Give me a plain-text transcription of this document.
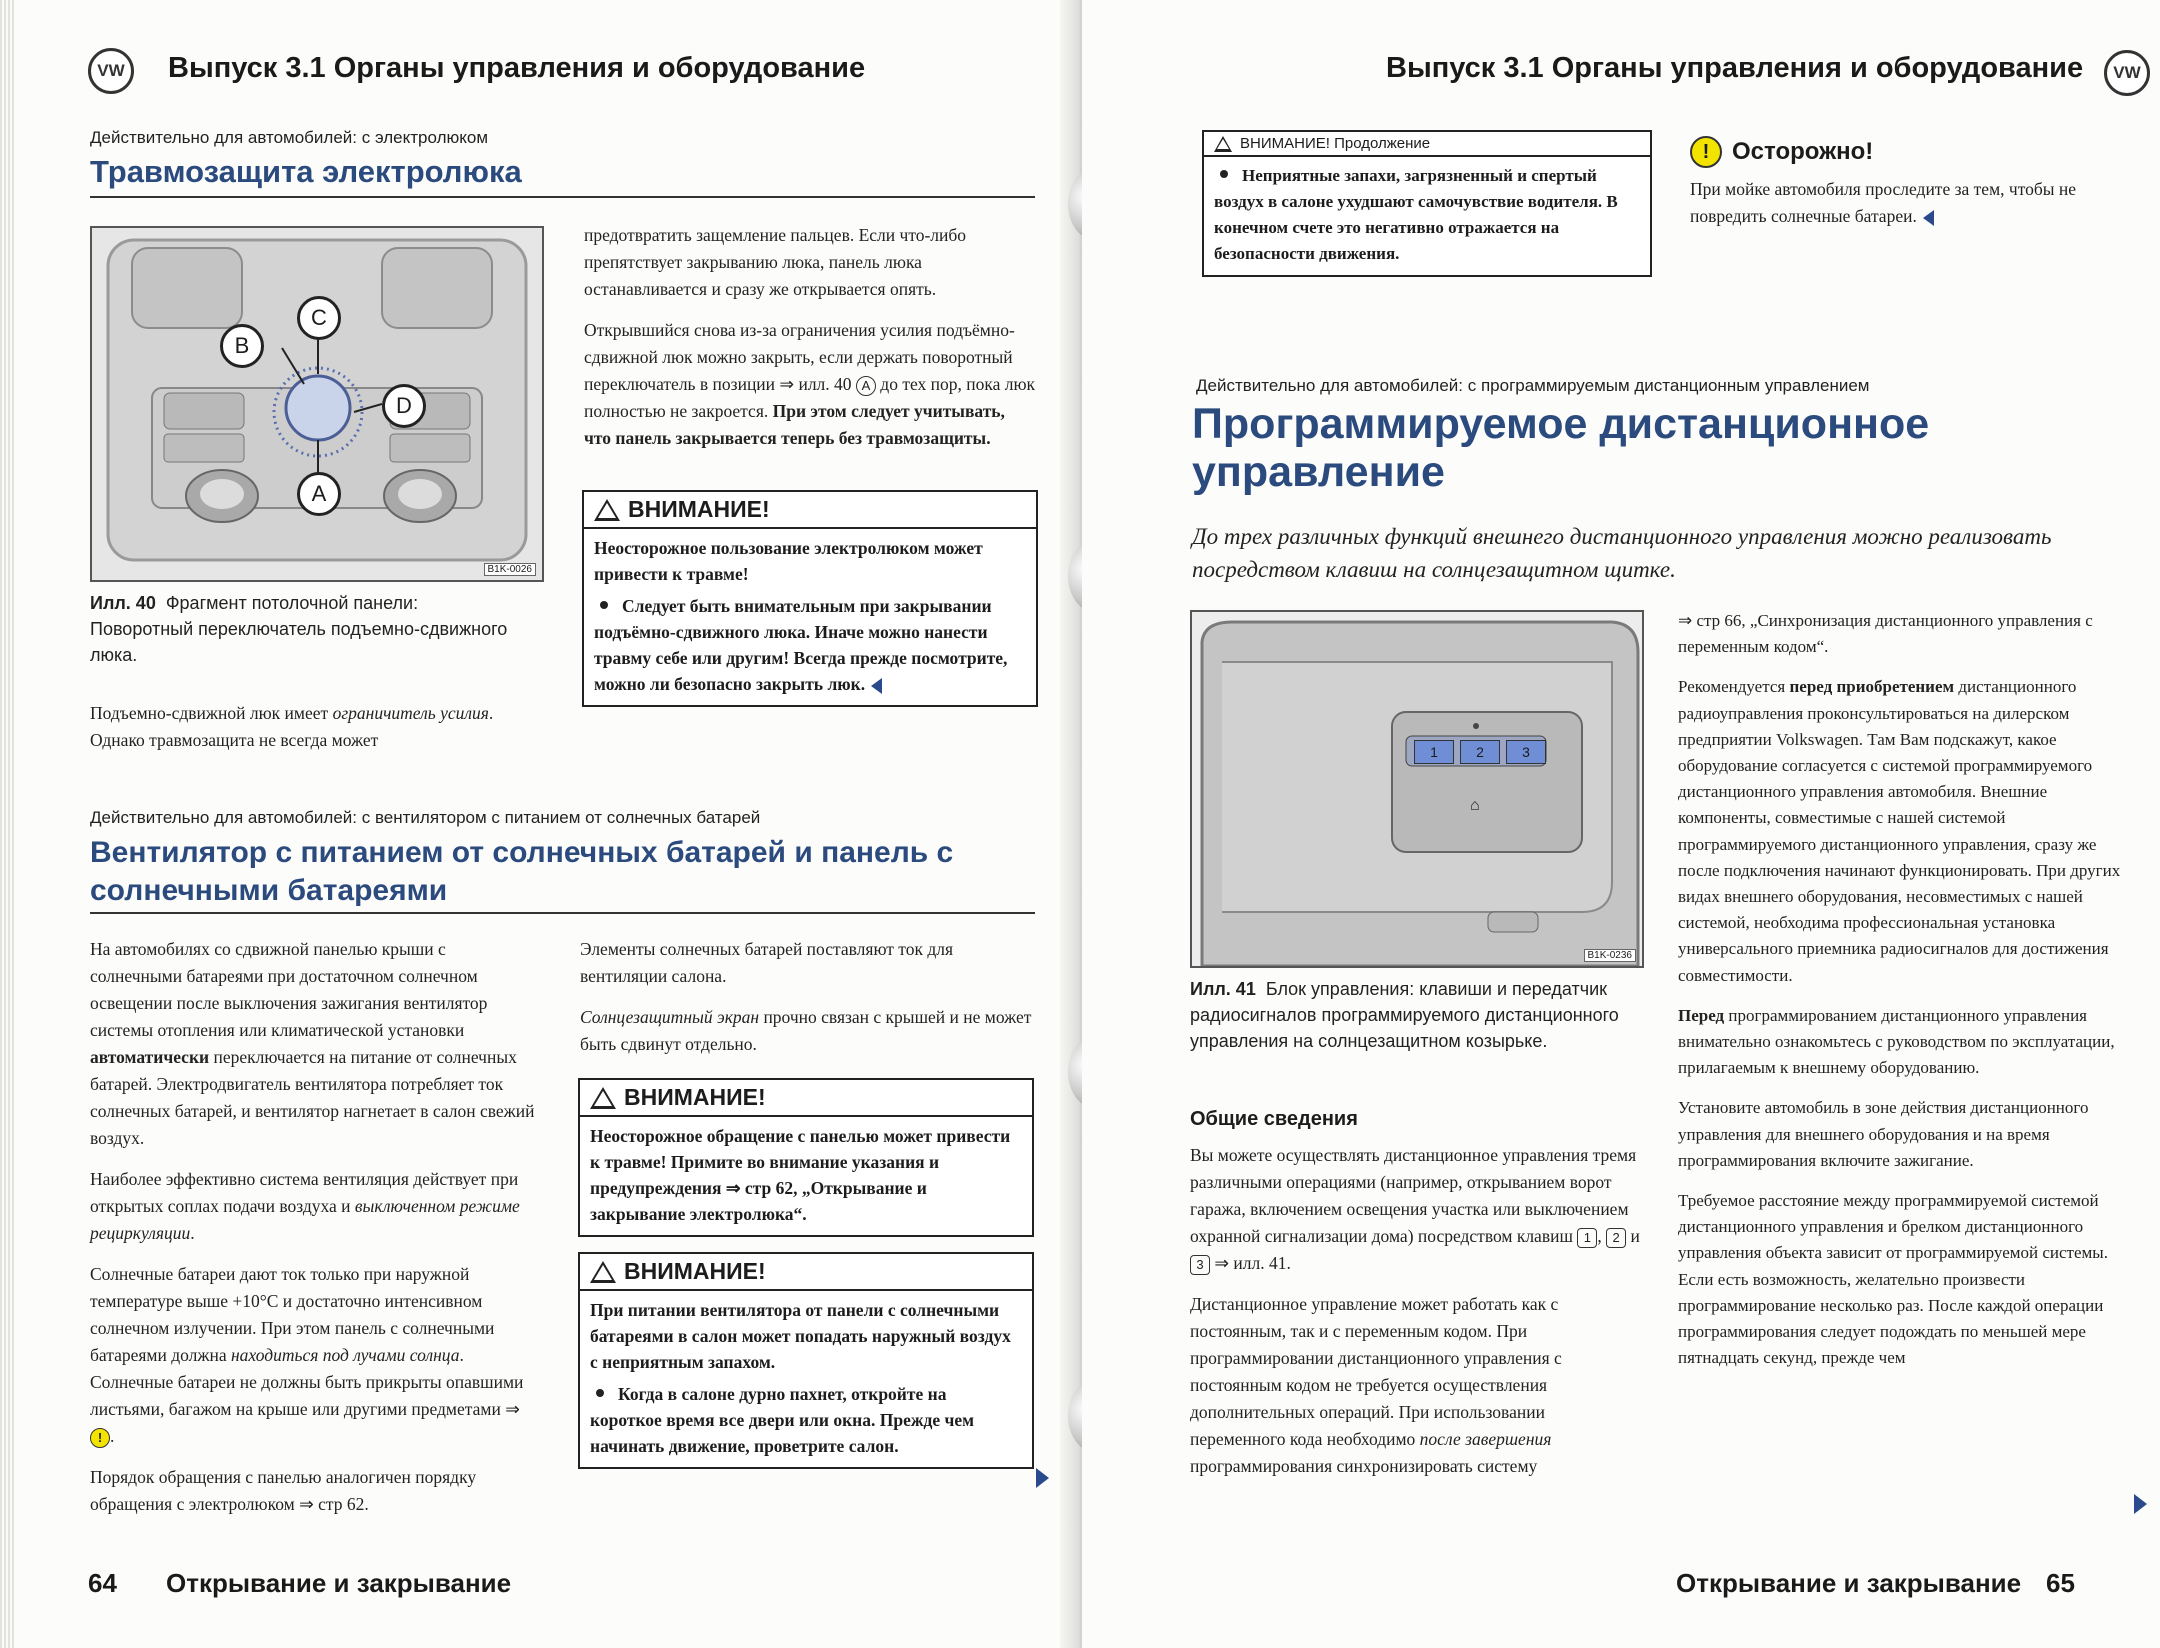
VW Выпуск 3.1 Органы управления и оборудование
Действительно для автомобилей: с электролюком
Травмозащита электролюка
A
B
C
D
B1K-0026
Илл. 40 Фрагмент потолочной панели: Поворотный переключатель подъемно-сдвижного люка.
Подъемно-сдвижной люк имеет ограничитель усилия. Однако травмозащита не всегда может

предотвратить защемление пальцев. Если что-либо препятствует закрыванию люка, панель люка останавливается и сразу же открывается опять.

Открывшийся снова из-за ограничения усилия подъёмно-сдвижной люк можно закрыть, если держать поворотный переключатель в позиции ⇒ илл. 40 A до тех пор, пока люк полностью не закроется. При этом следует учитывать, что панель закрывается теперь без травмозащиты.

ВНИМАНИЕ!

Неосторожное пользование электролюком может привести к травме!

Следует быть внимательным при закрывании подъёмно-сдвижного люка. Иначе можно нанести травму себе или другим! Всегда прежде посмотрите, можно ли безопасно закрыть люк.

Действительно для автомобилей: с вентилятором с питанием от солнечных батарей
Вентилятор с питанием от солнечных батарей и панель с
солнечными батареями

На автомобилях со сдвижной панелью крыши с солнечными батареями при достаточном солнечном освещении после выключения зажигания вентилятор системы отопления или климатической установки автоматически переключается на питание от солнечных батарей. Электродвигатель вентилятора потребляет ток солнечных батарей, и вентилятор нагнетает в салон свежий воздух.

Наиболее эффективно система вентиляция действует при открытых соплах подачи воздуха и выключенном режиме рециркуляции.

Солнечные батареи дают ток только при наружной температуре выше +10°C и достаточно интенсивном солнечном излучении. При этом панель с солнечными батареями должна находиться под лучами солнца. Солнечные батареи не должны быть прикрыты опавшими листьями, багажом на крыше или другими предметами ⇒ ! .

Порядок обращения с панелью аналогичен порядку обращения с электролюком ⇒ стр 62.

Элементы солнечных батарей поставляют ток для вентиляции салона.

Солнцезащитный экран прочно связан с крышей и не может быть сдвинут отдельно.

ВНИМАНИЕ!

Неосторожное обращение с панелью может привести к травме! Примите во внимание указания и предупреждения ⇒ стр 62, „Открывание и закрывание электролюка“.

ВНИМАНИЕ!

При питании вентилятора от панели с солнечными батареями в салон может попадать наружный воздух с неприятным запахом.

Когда в салоне дурно пахнет, откройте на короткое время все двери или окна. Прежде чем начинать движение, проветрите салон.

64 Открывание и закрывание
Выпуск 3.1 Органы управления и оборудование VW
ВНИМАНИЕ! Продолжение

Неприятные запахи, загрязненный и спертый воздух в салоне ухудшают самочувствие водителя. В конечном счете это негативно отражается на безопасности движения.

! Осторожно!
При мойке автомобиля проследите за тем, чтобы не повредить солнечные батареи.
Действительно для автомобилей: с программируемым дистанционным управлением
Программируемое дистанционное
управление
До трех различных функций внешнего дистанционного управления можно реализовать посредством клавиш на солнцезащитном щитке.
⌂
1	2	3
B1K-0236
Илл. 41 Блок управления: клавиши и передатчик радиосигналов программируемого дистанционного управления на солнцезащитном козырьке.
Общие сведения

Вы можете осуществлять дистанционное управления тремя различными операциями (например, открыванием ворот гаража, включением освещения участка или выключением охранной сигнализации дома) посредством клавиш 1 , 2 и 3 ⇒ илл. 41.

Дистанционное управление может работать как с постоянным, так и с переменным кодом. При программировании дистанционного управления с постоянным кодом не требуется осуществления дополнительных операций. При использовании переменного кода необходимо после завершения программирования синхронизировать систему

⇒ стр 66, „Синхронизация дистанционного управления с переменным кодом“.

Рекомендуется перед приобретением дистанционного радиоуправления проконсультироваться на дилерском предприятии Volkswagen. Там Вам подскажут, какое оборудование согласуется с системой программируемого дистанционного управления автомобиля. Внешние компоненты, совместимые с нашей системой программируемого дистанционного управления, сразу же после подключения начинают функционировать. При других видах внешнего оборудования, несовместимых с нашей системой, необходима профессиональная установка универсального приемника радиосигналов для достижения совместимости.

Перед программированием дистанционного управления внимательно ознакомьтесь с руководством по эксплуатации, прилагаемым к внешнему оборудованию.

Установите автомобиль в зоне действия дистанционного управления для внешнего оборудования и на время программирования включите зажигание.

Требуемое расстояние между программируемой системой дистанционного управления и брелком дистанционного управления объекта зависит от программируемой системы. Если есть возможность, желательно произвести программирование несколько раз. После каждой операции программирования следует подождать по меньшей мере пятнадцать секунд, прежде чем

Открывание и закрывание 65
